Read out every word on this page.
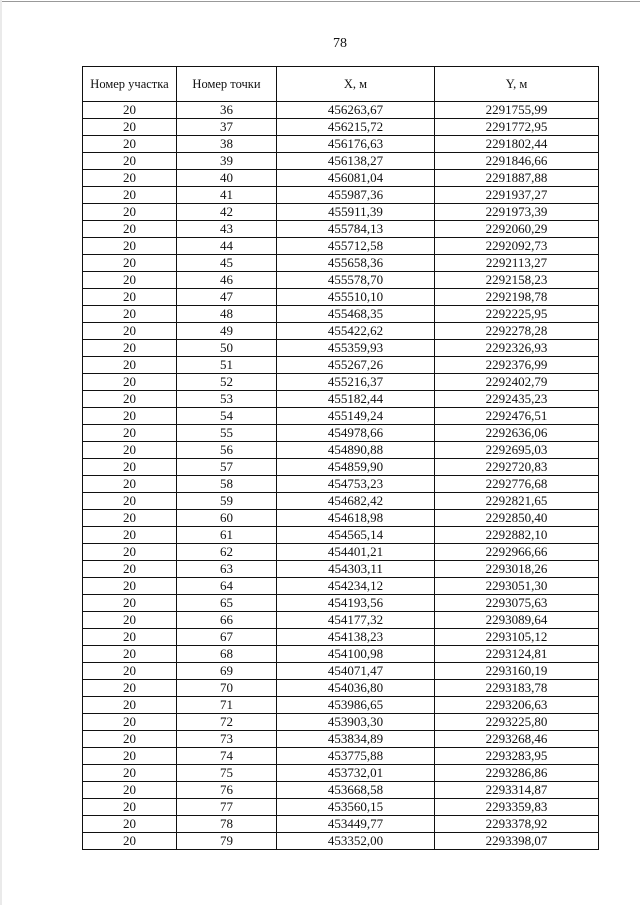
78
Номер участка	Номер точки	X, м	Y, м
20	36	456263,67	2291755,99
20	37	456215,72	2291772,95
20	38	456176,63	2291802,44
20	39	456138,27	2291846,66
20	40	456081,04	2291887,88
20	41	455987,36	2291937,27
20	42	455911,39	2291973,39
20	43	455784,13	2292060,29
20	44	455712,58	2292092,73
20	45	455658,36	2292113,27
20	46	455578,70	2292158,23
20	47	455510,10	2292198,78
20	48	455468,35	2292225,95
20	49	455422,62	2292278,28
20	50	455359,93	2292326,93
20	51	455267,26	2292376,99
20	52	455216,37	2292402,79
20	53	455182,44	2292435,23
20	54	455149,24	2292476,51
20	55	454978,66	2292636,06
20	56	454890,88	2292695,03
20	57	454859,90	2292720,83
20	58	454753,23	2292776,68
20	59	454682,42	2292821,65
20	60	454618,98	2292850,40
20	61	454565,14	2292882,10
20	62	454401,21	2292966,66
20	63	454303,11	2293018,26
20	64	454234,12	2293051,30
20	65	454193,56	2293075,63
20	66	454177,32	2293089,64
20	67	454138,23	2293105,12
20	68	454100,98	2293124,81
20	69	454071,47	2293160,19
20	70	454036,80	2293183,78
20	71	453986,65	2293206,63
20	72	453903,30	2293225,80
20	73	453834,89	2293268,46
20	74	453775,88	2293283,95
20	75	453732,01	2293286,86
20	76	453668,58	2293314,87
20	77	453560,15	2293359,83
20	78	453449,77	2293378,92
20	79	453352,00	2293398,07
